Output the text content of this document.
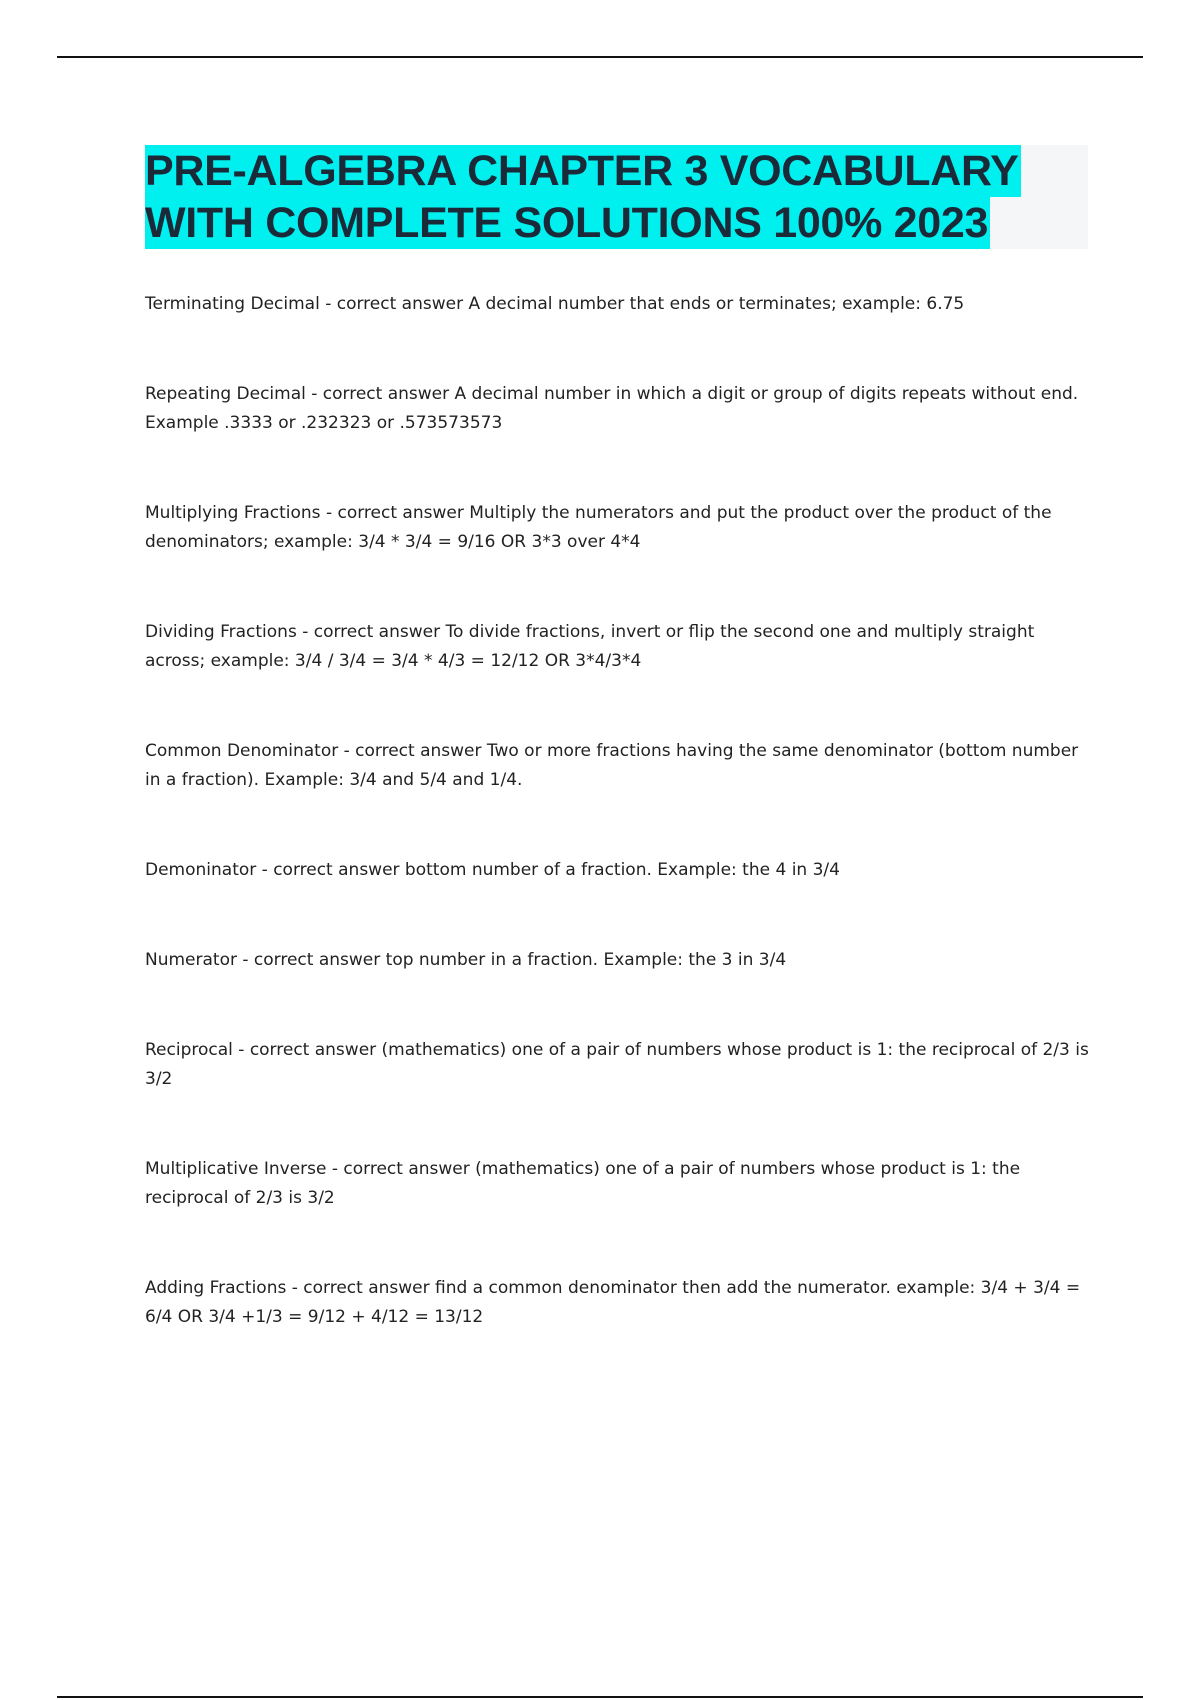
PRE-ALGEBRA CHAPTER 3 VOCABULARY
WITH COMPLETE SOLUTIONS 100% 2023
Terminating Decimal - correct answer A decimal number that ends or terminates; example: 6.75
Repeating Decimal - correct answer A decimal number in which a digit or group of digits repeats without end. Example .3333 or .232323 or .573573573
Multiplying Fractions - correct answer Multiply the numerators and put the product over the product of the denominators; example: 3/4 * 3/4 = 9/16 OR 3*3 over 4*4
Dividing Fractions - correct answer To divide fractions, invert or flip the second one and multiply straight across; example: 3/4 / 3/4 = 3/4 * 4/3 = 12/12 OR 3*4/3*4
Common Denominator - correct answer Two or more fractions having the same denominator (bottom number in a fraction). Example: 3/4 and 5/4 and 1/4.
Demoninator - correct answer bottom number of a fraction. Example: the 4 in 3/4
Numerator - correct answer top number in a fraction. Example: the 3 in 3/4
Reciprocal - correct answer (mathematics) one of a pair of numbers whose product is 1: the reciprocal of 2/3 is 3/2
Multiplicative Inverse - correct answer (mathematics) one of a pair of numbers whose product is 1: the reciprocal of 2/3 is 3/2
Adding Fractions - correct answer find a common denominator then add the numerator. example: 3/4 + 3/4 = 6/4 OR 3/4 +1/3 = 9/12 + 4/12 = 13/12
